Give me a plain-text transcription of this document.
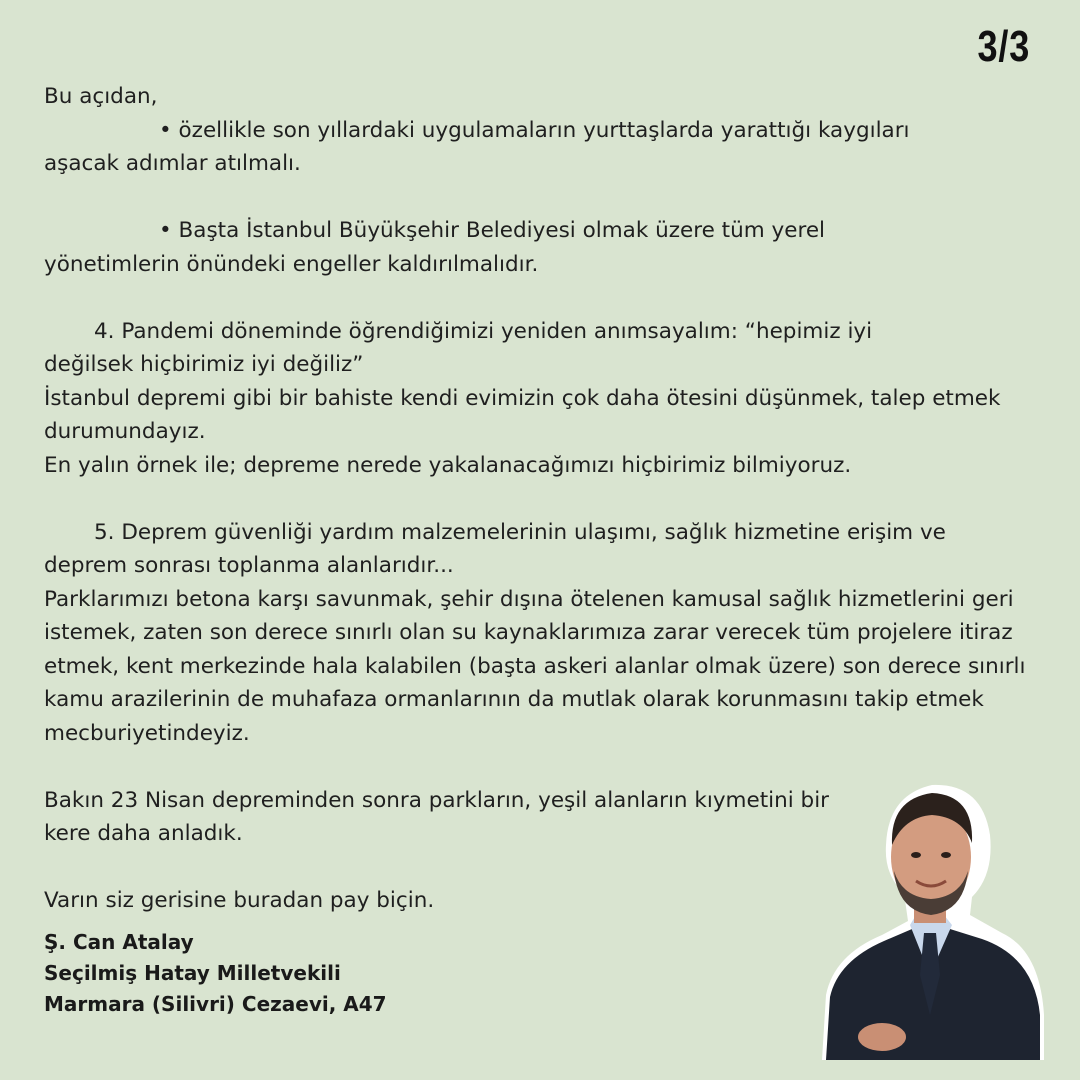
3/3

Bu açıdan,

• özellikle son yıllardaki uygulamaların yurttaşlarda yarattığı kaygıları

aşacak adımlar atılmalı.

• Başta İstanbul Büyükşehir Belediyesi olmak üzere tüm yerel

yönetimlerin önündeki engeller kaldırılmalıdır.

4. Pandemi döneminde öğrendiğimizi yeniden anımsayalım: “hepimiz iyi

değilsek hiçbirimiz iyi değiliz”

İstanbul depremi gibi bir bahiste kendi evimizin çok daha ötesini düşünmek, talep etmek durumundayız.

En yalın örnek ile; depreme nerede yakalanacağımızı hiçbirimiz bilmiyoruz.

5. Deprem güvenliği yardım malzemelerinin ulaşımı, sağlık hizmetine erişim ve

deprem sonrası toplanma alanlarıdır...

Parklarımızı betona karşı savunmak, şehir dışına ötelenen kamusal sağlık hizmetlerini geri istemek, zaten son derece sınırlı olan su kaynaklarımıza zarar verecek tüm projelere itiraz etmek, kent merkezinde hala kalabilen (başta askeri alanlar olmak üzere) son derece sınırlı kamu arazilerinin de muhafaza ormanlarının da mutlak olarak korunmasını takip etmek mecburiyetindeyiz.

Bakın 23 Nisan depreminden sonra parkların, yeşil alanların kıymetini bir kere daha anladık.

Varın siz gerisine buradan pay biçin.

Ş. Can Atalay
Seçilmiş Hatay Milletvekili
Marmara (Silivri) Cezaevi, A47
